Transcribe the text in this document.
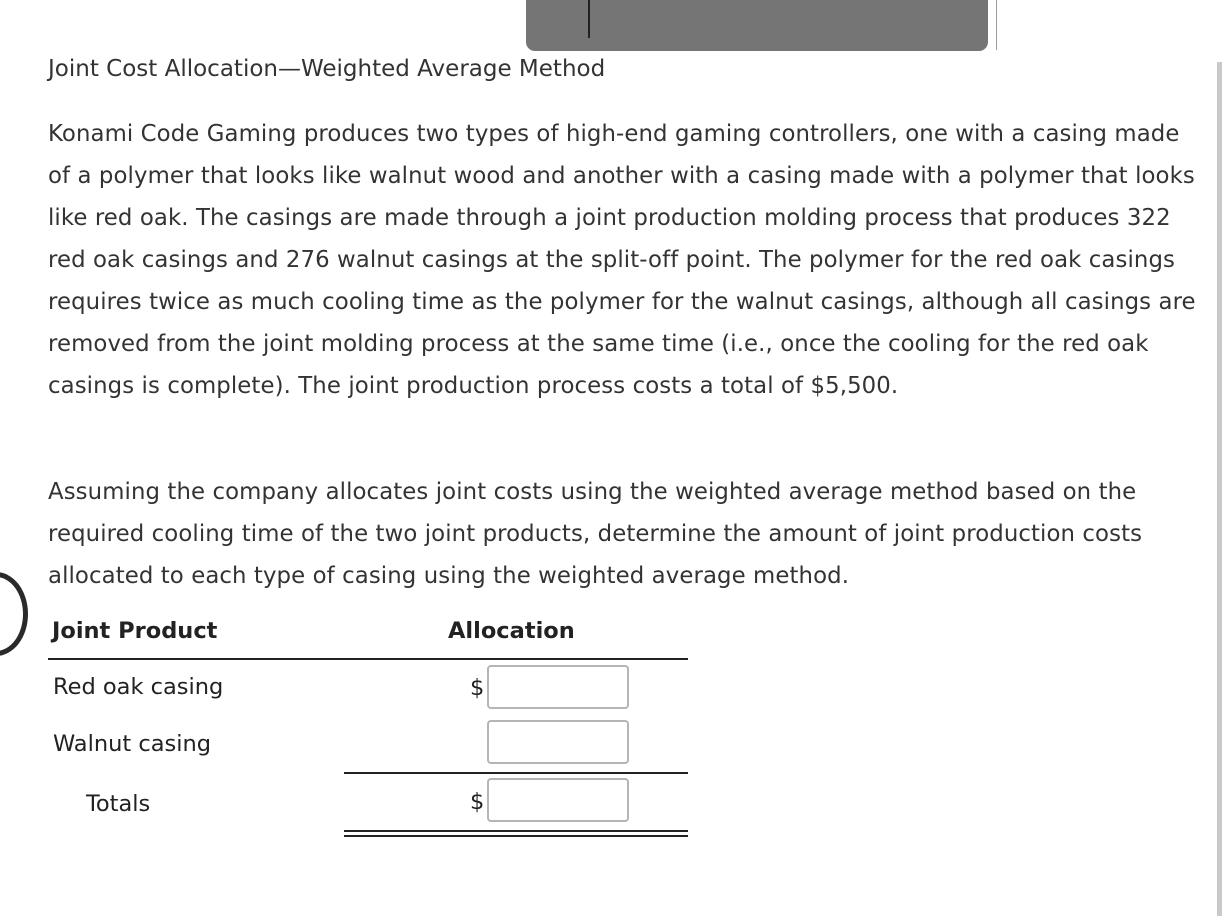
Joint Cost Allocation—Weighted Average Method

Konami Code Gaming produces two types of high-end gaming controllers, one with a casing made of a polymer that looks like walnut wood and another with a casing made with a polymer that looks like red oak. The casings are made through a joint production molding process that produces 322 red oak casings and 276 walnut casings at the split-off point. The polymer for the red oak casings requires twice as much cooling time as the polymer for the walnut casings, although all casings are removed from the joint molding process at the same time (i.e., once the cooling for the red oak casings is complete). The joint production process costs a total of $5,500.

Assuming the company allocates joint costs using the weighted average method based on the required cooling time of the two joint products, determine the amount of joint production costs allocated to each type of casing using the weighted average method.

Joint Product	Allocation
Red oak casing	$
Walnut casing
Totals	$
